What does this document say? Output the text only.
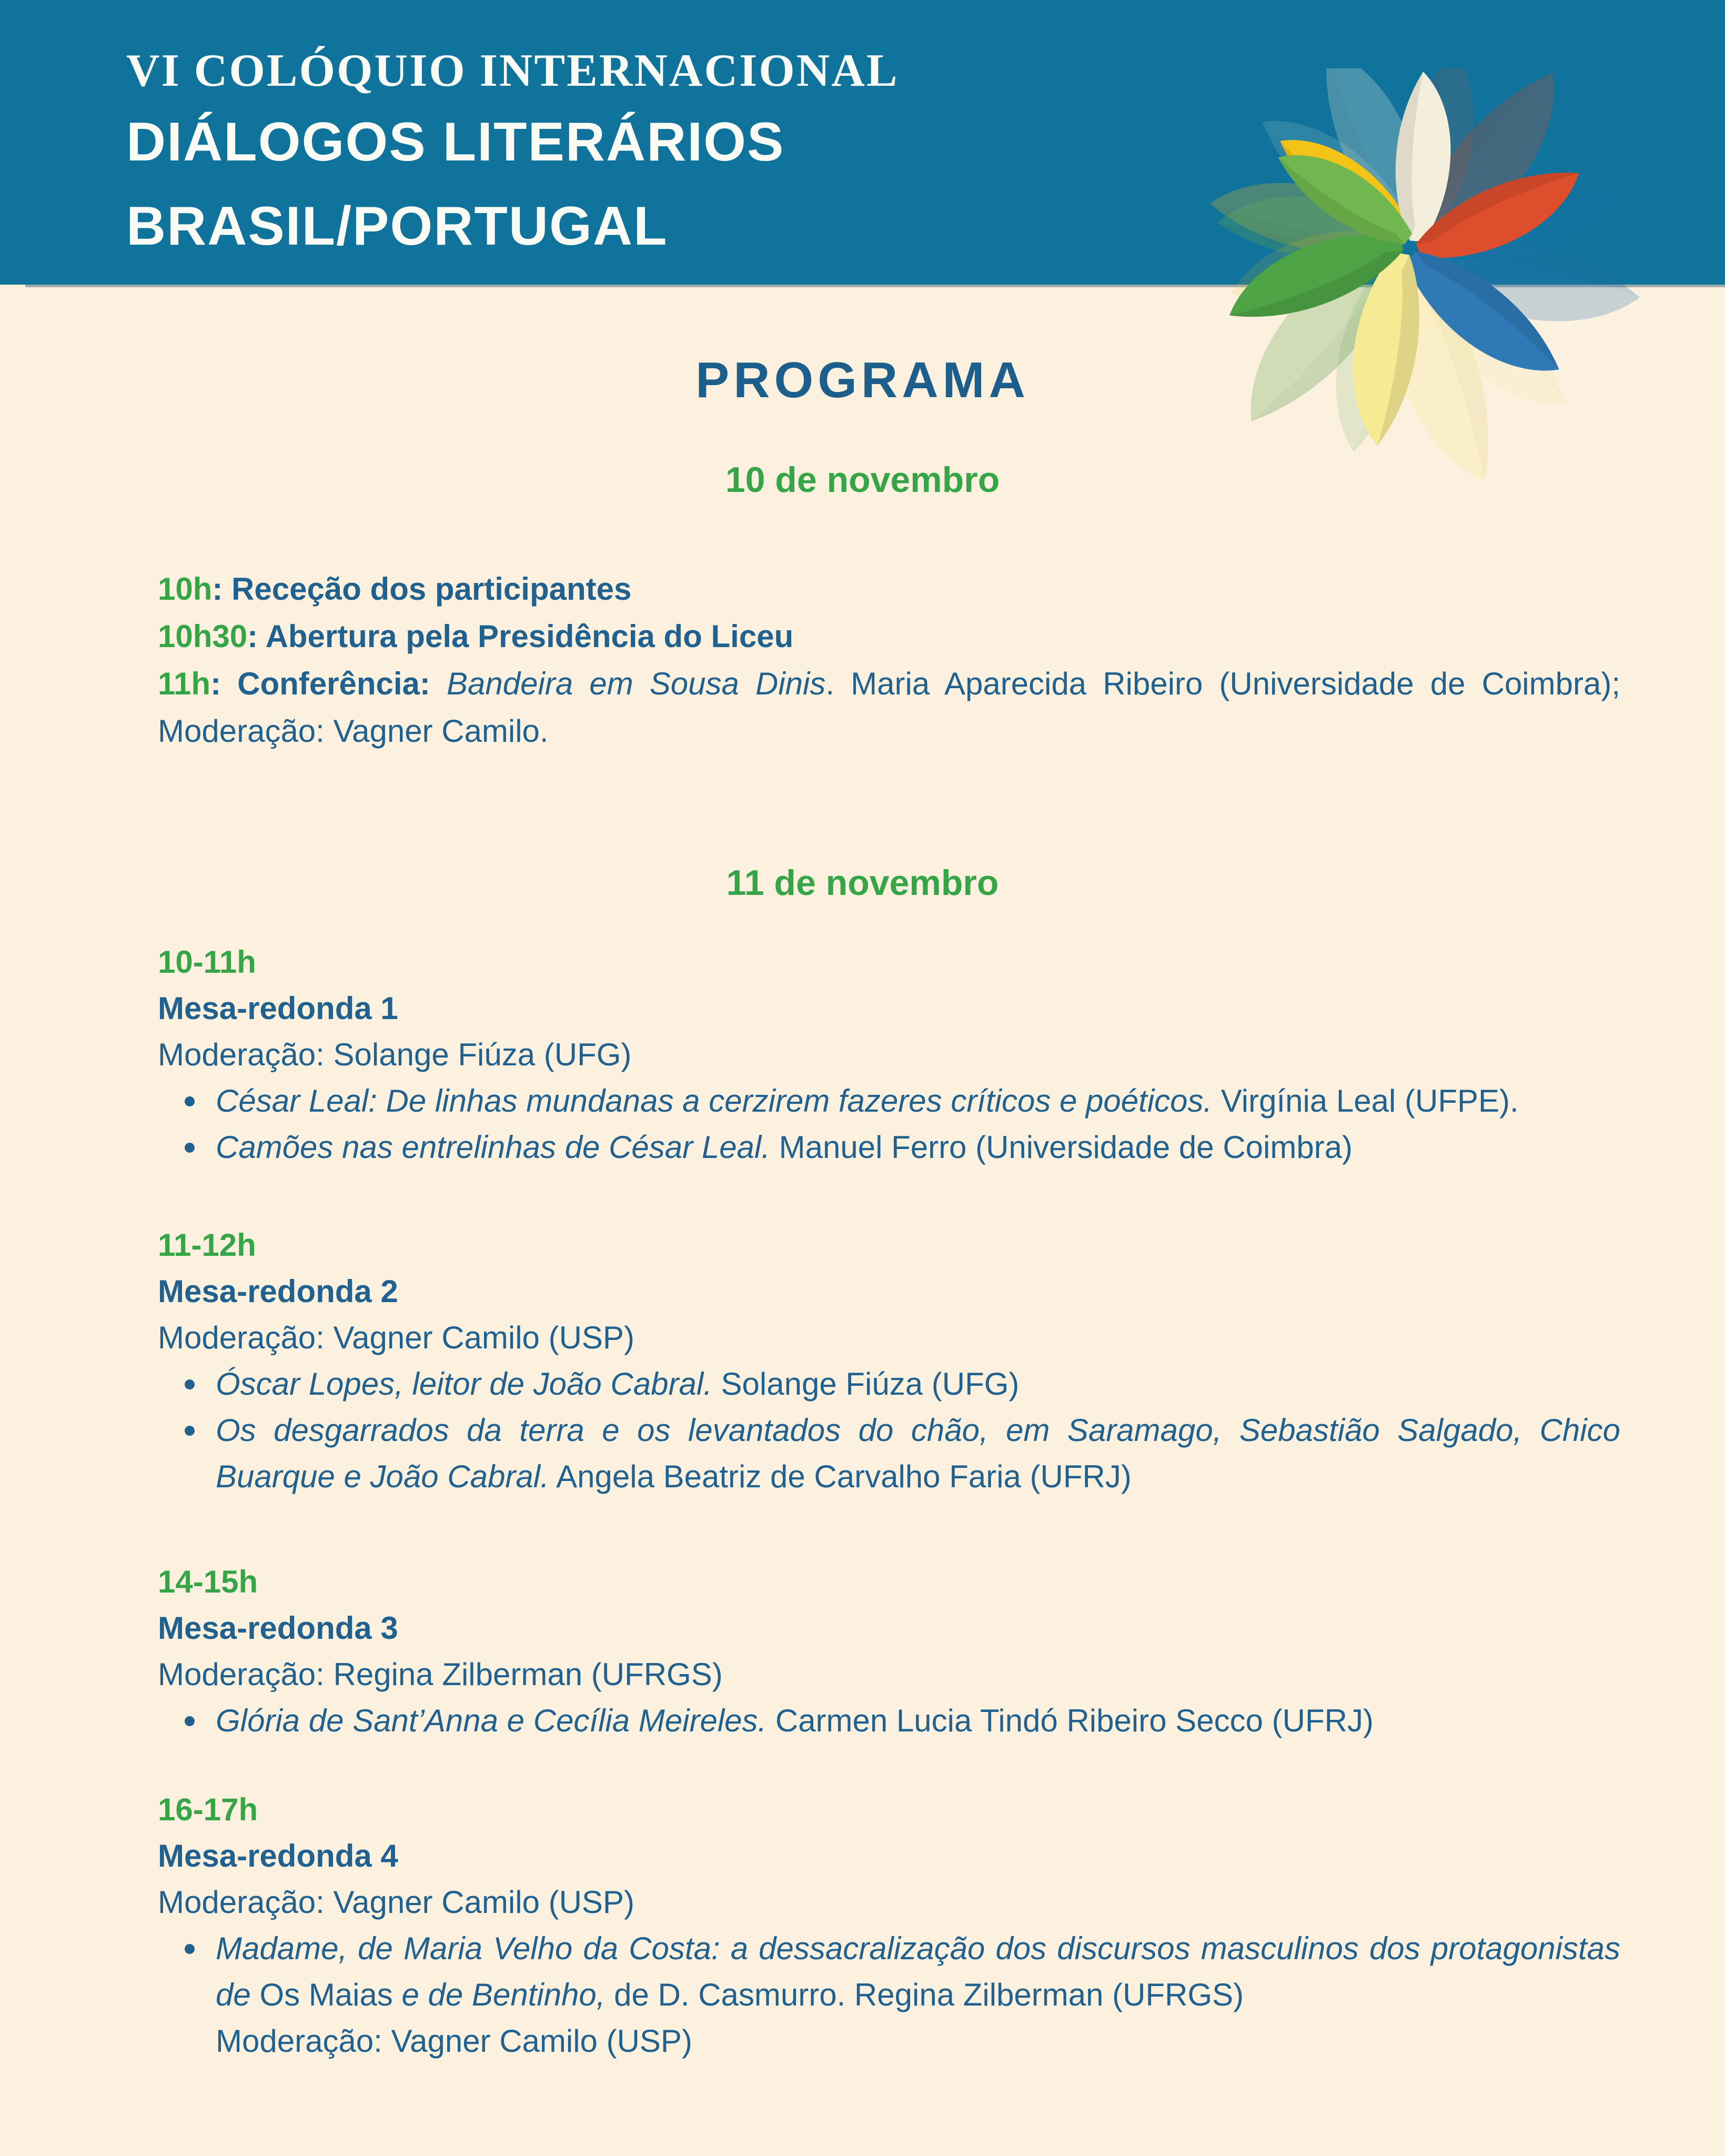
VI COLÓQUIO INTERNACIONAL
DIÁLOGOS LITERÁRIOS
BRASIL/PORTUGAL
PROGRAMA
10 de novembro
10h: Receção dos participantes
10h30: Abertura pela Presidência do Liceu
11h: Conferência: Bandeira em Sousa Dinis. Maria Aparecida Ribeiro (Universidade de Coimbra);
Moderação: Vagner Camilo.
11 de novembro
10-11h
Mesa-redonda 1
Moderação: Solange Fiúza (UFG)
César Leal: De linhas mundanas a cerzirem fazeres críticos e poéticos. Virgínia Leal (UFPE).
Camões nas entrelinhas de César Leal. Manuel Ferro (Universidade de Coimbra)
11-12h
Mesa-redonda 2
Moderação: Vagner Camilo (USP)
Óscar Lopes, leitor de João Cabral. Solange Fiúza (UFG)
Os desgarrados da terra e os levantados do chão, em Saramago, Sebastião Salgado, Chico
Buarque e João Cabral. Angela Beatriz de Carvalho Faria (UFRJ)
14-15h
Mesa-redonda 3
Moderação: Regina Zilberman (UFRGS)
Glória de Sant’Anna e Cecília Meireles. Carmen Lucia Tindó Ribeiro Secco (UFRJ)
16-17h
Mesa-redonda 4
Moderação: Vagner Camilo (USP)
Madame, de Maria Velho da Costa: a dessacralização dos discursos masculinos dos protagonistas
de Os Maias e de Bentinho, de D. Casmurro. Regina Zilberman (UFRGS)
Moderação: Vagner Camilo (USP)
